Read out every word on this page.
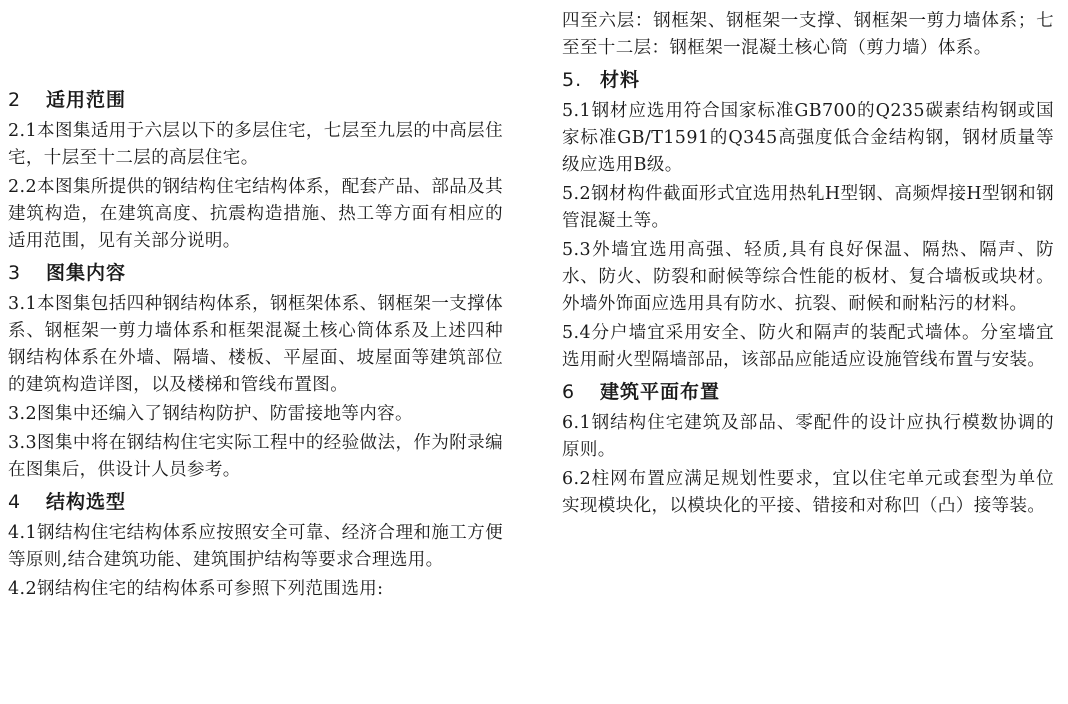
2 适用范围

2.1本图集适用于六层以下的多层住宅，七层至九层的中高层住宅，十层至十二层的高层住宅。

2.2本图集所提供的钢结构住宅结构体系，配套产品、部品及其建筑构造，在建筑高度、抗震构造措施、热工等方面有相应的适用范围，见有关部分说明。

3 图集内容

3.1本图集包括四种钢结构体系，钢框架体系、钢框架一支撑体系、钢框架一剪力墙体系和框架混凝土核心筒体系及上述四种钢结构体系在外墙、隔墙、楼板、平屋面、坡屋面等建筑部位的建筑构造详图，以及楼梯和管线布置图。

3.2图集中还编入了钢结构防护、防雷接地等内容。

3.3图集中将在钢结构住宅实际工程中的经验做法，作为附录编在图集后，供设计人员参考。

4 结构选型

4.1钢结构住宅结构体系应按照安全可靠、经济合理和施工方便等原则,结合建筑功能、建筑围护结构等要求合理选用。

4.2钢结构住宅的结构体系可参照下列范围选用:

四至六层：钢框架、钢框架一支撑、钢框架一剪力墙体系；七至至十二层：钢框架一混凝土核心筒（剪力墙）体系。

5. 材料

5.1钢材应选用符合国家标准GB700的Q235碳素结构钢或国家标准GB/T1591的Q345高强度低合金结构钢，钢材质量等级应选用B级。

5.2钢材构件截面形式宜选用热轧H型钢、高频焊接H型钢和钢管混凝土等。

5.3外墙宜选用高强、轻质,具有良好保温、隔热、隔声、防水、防火、防裂和耐候等综合性能的板材、复合墙板或块材。外墙外饰面应选用具有防水、抗裂、耐候和耐粘污的材料。

5.4分户墙宜采用安全、防火和隔声的装配式墙体。分室墙宜选用耐火型隔墙部品，该部品应能适应设施管线布置与安装。

6 建筑平面布置

6.1钢结构住宅建筑及部品、零配件的设计应执行模数协调的原则。

6.2柱网布置应满足规划性要求，宜以住宅单元或套型为单位实现模块化，以模块化的平接、错接和对称凹（凸）接等装。
